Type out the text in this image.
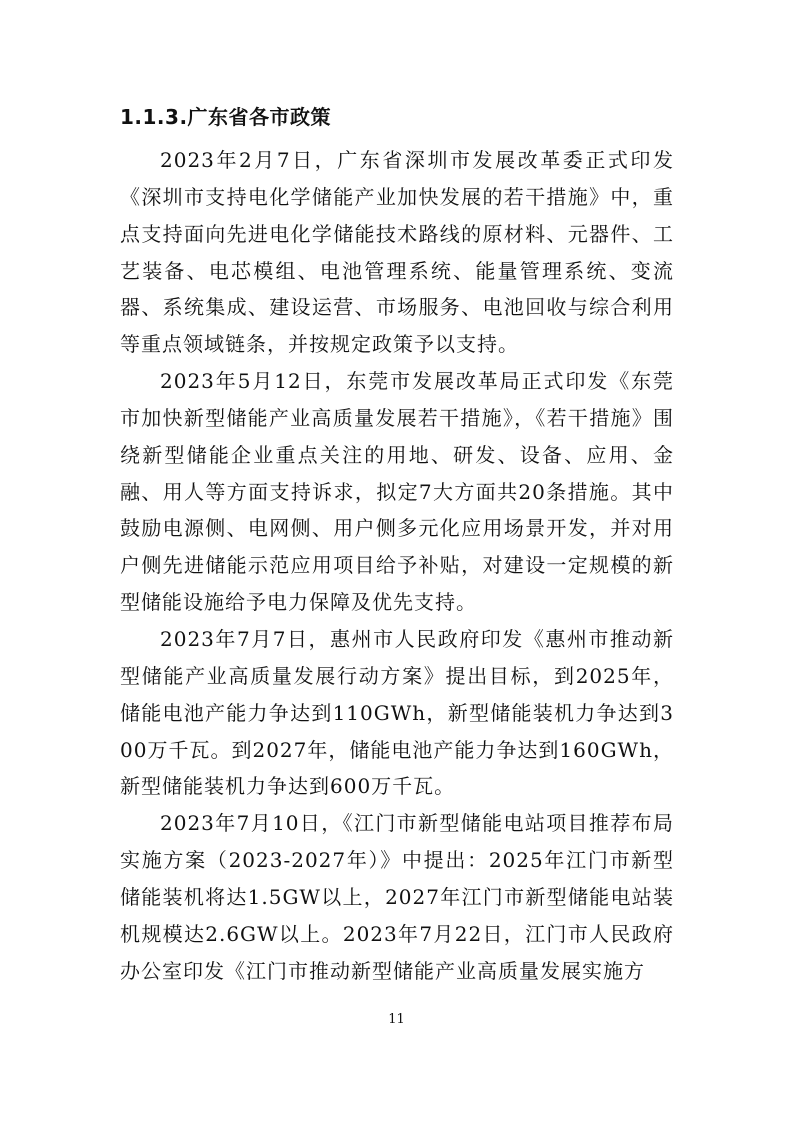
1.1.3.广东省各市政策

2023年2月7日，广东省深圳市发展改革委正式印发《深圳市支持电化学储能产业加快发展的若干措施》中，重点支持面向先进电化学储能技术路线的原材料、元器件、工艺装备、电芯模组、电池管理系统、能量管理系统、变流器、系统集成、建设运营、市场服务、电池回收与综合利用等重点领域链条，并按规定政策予以支持。

2023年5月12日，东莞市发展改革局正式印发《东莞市加快新型储能产业高质量发展若干措施》，《若干措施》围绕新型储能企业重点关注的用地、研发、设备、应用、金融、用人等方面支持诉求，拟定7大方面共20条措施。其中鼓励电源侧、电网侧、用户侧多元化应用场景开发，并对用户侧先进储能示范应用项目给予补贴，对建设一定规模的新型储能设施给予电力保障及优先支持。

2023年7月7日，惠州市人民政府印发《惠州市推动新型储能产业高质量发展行动方案》提出目标，到2025年，储能电池产能力争达到110GWh，新型储能装机力争达到300万千瓦。到2027年，储能电池产能力争达到160GWh，新型储能装机力争达到600万千瓦。

2023年7月10日，《江门市新型储能电站项目推荐布局实施方案（2023-2027年）》中提出：2025年江门市新型储能装机将达1.5GW以上，2027年江门市新型储能电站装机规模达2.6GW以上。2023年7月22日，江门市人民政府办公室印发《江门市推动新型储能产业高质量发展实施方

11
